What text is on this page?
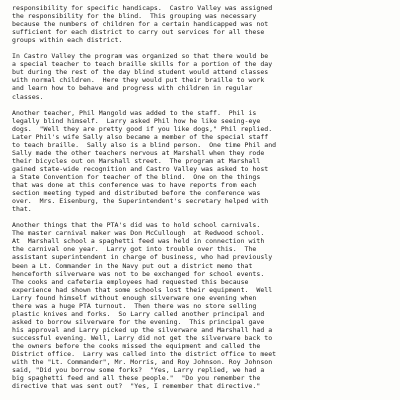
responsibility for specific handicaps.  Castro Valley was assigned
the responsibility for the blind.  This grouping was necessary
because the numbers of children for a certain handicapped was not
sufficient for each district to carry out services for all these
groups within each district.
In Castro Valley the program was organized so that there would be
a special teacher to teach braille skills for a portion of the day
but during the rest of the day blind student would attend classes
with normal children.  Here they would put their braille to work
and learn how to behave and progress with children in regular
classes.
Another teacher, Phil Mangold was added to the staff.  Phil is
legally blind himself.  Larry asked Phil how he like seeing-eye
dogs.  "Well they are pretty good if you like dogs," Phil replied.
Later Phil's wife Sally also became a member of the special staff
to teach braille.  Sally also is a blind person.  One time Phil and
Sally made the other teachers nervous at Marshall when they rode
their bicycles out on Marshall street.  The program at Marshall
gained state-wide recognition and Castro Valley was asked to host
a State Convention for teacher of the blind.  One on the things
that was done at this conference was to have reports from each
section meeting typed and distributed before the conference was
over.  Mrs. Eisenburg, the Superintendent's secretary helped with
that.
Another things that the PTA's did was to hold school carnivals.
The master carnival maker was Don McCullough  at Redwood school.
At  Marshall school a spaghetti feed was held in connection with
the carnival one year.  Larry got into trouble over this.  The
assistant superintendent in charge of business, who had previously
been a Lt. Commander in the Navy put out a district memo that
henceforth silverware was not to be exchanged for school events.
The cooks and cafeteria employees had requested this because
experience had shown that some schools lost their equipment.  Well
Larry found himself without enough silverware one evening when
there was a huge PTA turnout.  Then there was no store selling
plastic knives and forks.  So Larry called another principal and
asked to borrow silverware for the evening.  This principal gave
his approval and Larry picked up the silverware and Marshall had a
successful evening. Well, Larry did not get the silverware back to
the owners before the cooks missed the equipment and called the
District office.  Larry was called into the district office to meet
with the "Lt. Commander", Mr. Morris, and Roy Johnson. Roy Johnson
said, "Did you borrow some forks?  "Yes, Larry replied, we had a
big spaghetti feed and all these people."  "Do you remember the
directive that was sent out?  "Yes, I remember that directive."
